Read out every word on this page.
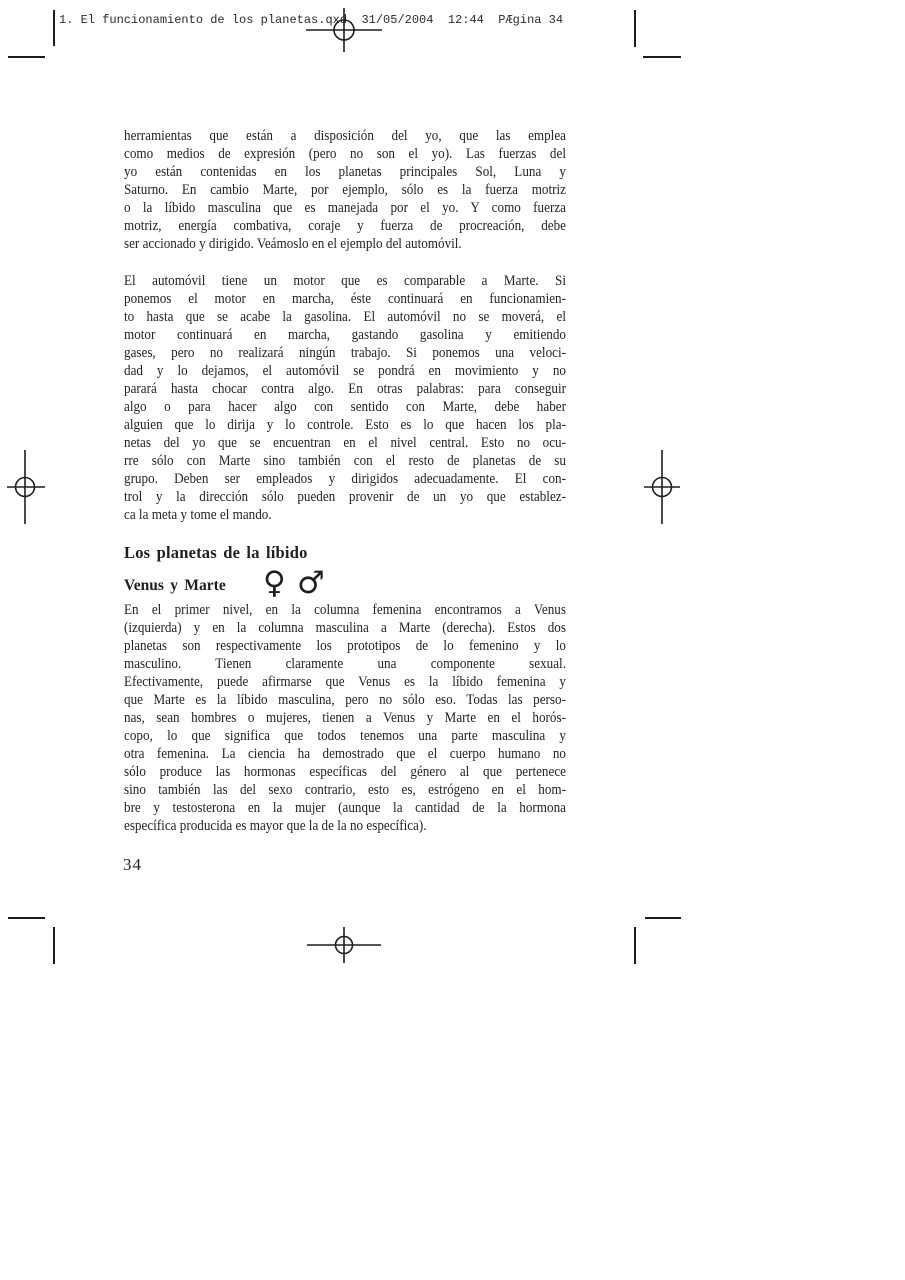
1. El funcionamiento de los planetas.qxd  31/05/2004  12:44  PÆgina 34
herramientas que están a disposición del yo, que las emplea
como medios de expresión (pero no son el yo). Las fuerzas del
yo están contenidas en los planetas principales Sol, Luna y
Saturno. En cambio Marte, por ejemplo, sólo es la fuerza motriz
o la líbido masculina que es manejada por el yo. Y como fuerza
motriz, energía combativa, coraje y fuerza de procreación, debe
ser accionado y dirigido. Veámoslo en el ejemplo del automóvil.
El automóvil tiene un motor que es comparable a Marte. Si
ponemos el motor en marcha, éste continuará en funcionamien-
to hasta que se acabe la gasolina. El automóvil no se moverá, el
motor continuará en marcha, gastando gasolina y emitiendo
gases, pero no realizará ningún trabajo. Si ponemos una veloci-
dad y lo dejamos, el automóvil se pondrá en movimiento y no
parará hasta chocar contra algo. En otras palabras: para conseguir
algo o para hacer algo con sentido con Marte, debe haber
alguien que lo dirija y lo controle. Esto es lo que hacen los pla-
netas del yo que se encuentran en el nivel central. Esto no ocu-
rre sólo con Marte sino también con el resto de planetas de su
grupo. Deben ser empleados y dirigidos adecuadamente. El con-
trol y la dirección sólo pueden provenir de un yo que establez-
ca la meta y tome el mando.
Los planetas de la líbido
Venus y Marte ♀ ♂
En el primer nivel, en la columna femenina encontramos a Venus
(izquierda) y en la columna masculina a Marte (derecha). Estos dos
planetas son respectivamente los prototipos de lo femenino y lo
masculino. Tienen claramente una componente sexual.
Efectivamente, puede afirmarse que Venus es la líbido femenina y
que Marte es la líbido masculina, pero no sólo eso. Todas las perso-
nas, sean hombres o mujeres, tienen a Venus y Marte en el horós-
copo, lo que significa que todos tenemos una parte masculina y
otra femenina. La ciencia ha demostrado que el cuerpo humano no
sólo produce las hormonas específicas del género al que pertenece
sino también las del sexo contrario, esto es, estrógeno en el hom-
bre y testosterona en la mujer (aunque la cantidad de la hormona
específica producida es mayor que la de la no específica).
34
